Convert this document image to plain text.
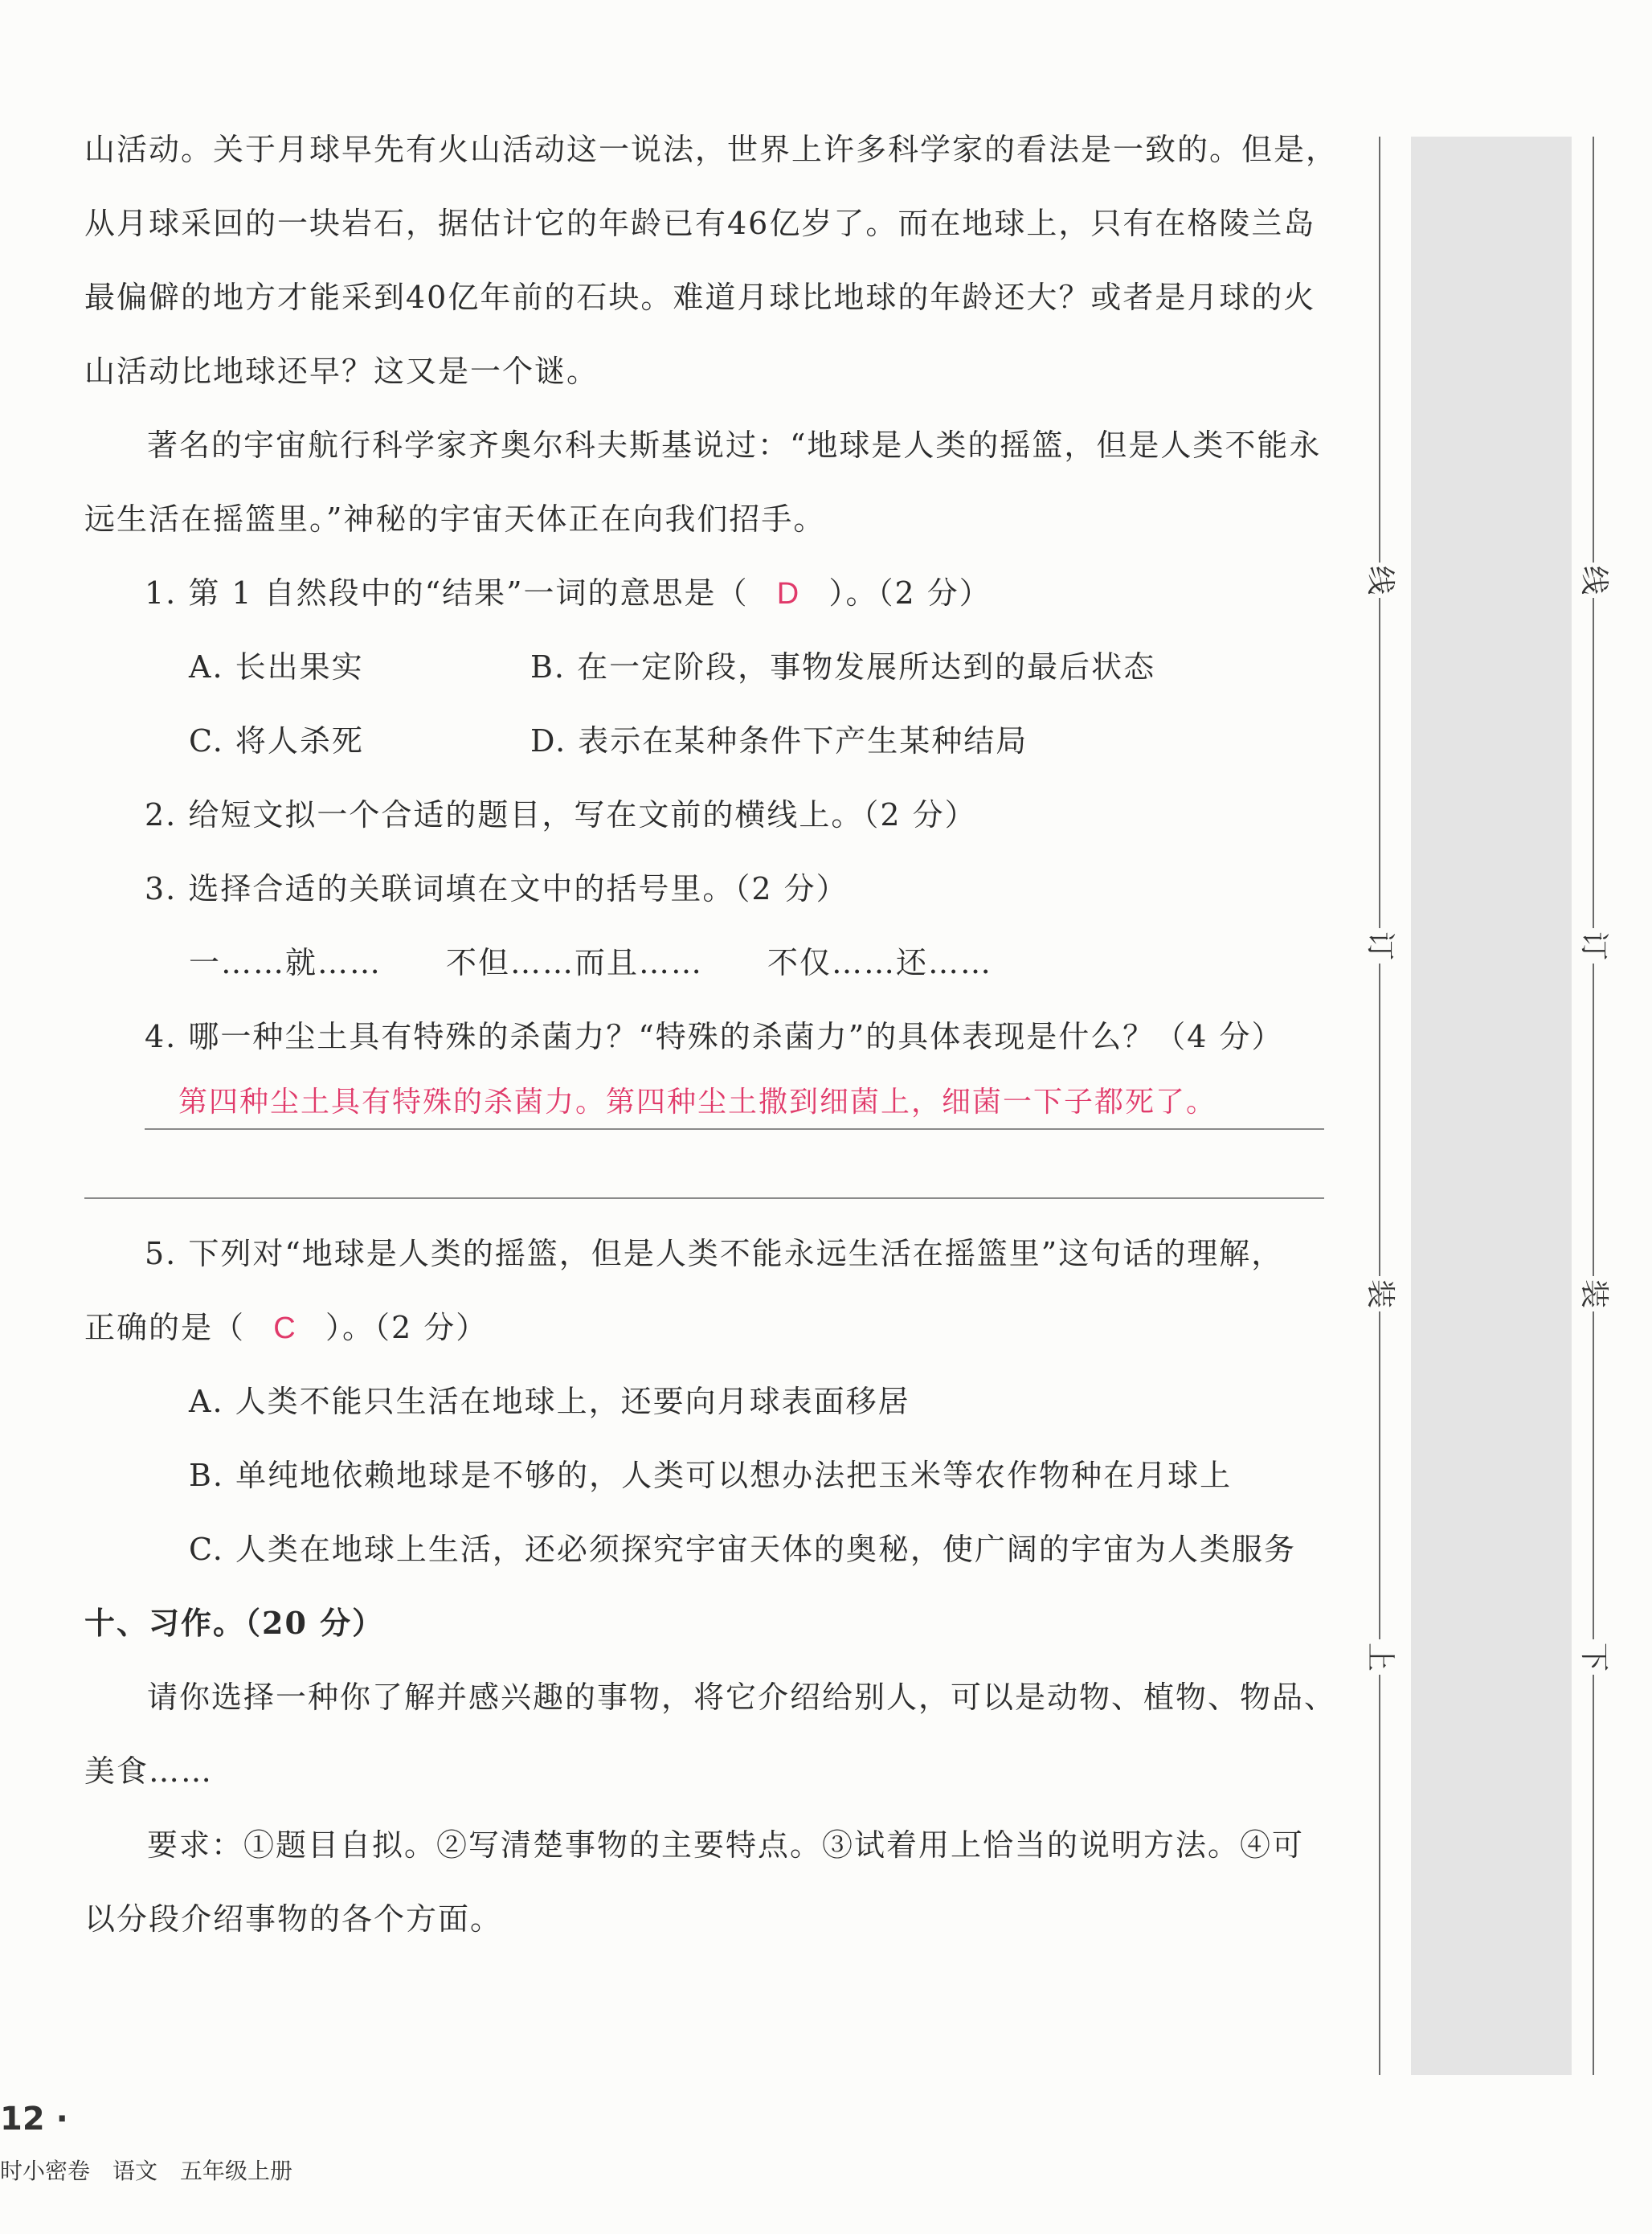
山活动。关于月球早先有火山活动这一说法，世界上许多科学家的看法是一致的。但是，
从月球采回的一块岩石，据估计它的年龄已有46亿岁了。而在地球上，只有在格陵兰岛
最偏僻的地方才能采到40亿年前的石块。难道月球比地球的年龄还大？或者是月球的火
山活动比地球还早？这又是一个谜。
著名的宇宙航行科学家齐奥尔科夫斯基说过：“地球是人类的摇篮，但是人类不能永
远生活在摇篮里。”神秘的宇宙天体正在向我们招手。
1. 第 1 自然段中的“结果”一词的意思是（ D ）。（2 分）
A. 长出果实	B. 在一定阶段，事物发展所达到的最后状态
C. 将人杀死	D. 表示在某种条件下产生某种结局
2. 给短文拟一个合适的题目，写在文前的横线上。（2 分）
3. 选择合适的关联词填在文中的括号里。（2 分）
一……就…… 不但……而且…… 不仅……还……
4. 哪一种尘土具有特殊的杀菌力？“特殊的杀菌力”的具体表现是什么？（4 分）
第四种尘土具有特殊的杀菌力。第四种尘土撒到细菌上，细菌一下子都死了。
5. 下列对“地球是人类的摇篮，但是人类不能永远生活在摇篮里”这句话的理解，
正确的是（ C ）。（2 分）
A. 人类不能只生活在地球上，还要向月球表面移居
B. 单纯地依赖地球是不够的，人类可以想办法把玉米等农作物种在月球上
C. 人类在地球上生活，还必须探究宇宙天体的奥秘，使广阔的宇宙为人类服务
十、习作。（20 分）
请你选择一种你了解并感兴趣的事物，将它介绍给别人，可以是动物、植物、物品、
美食……
要求：①题目自拟。②写清楚事物的主要特点。③试着用上恰当的说明方法。④可
以分段介绍事物的各个方面。
线
订
装
上
线
订
装
下
12 ·
时小密卷　语文　五年级上册
